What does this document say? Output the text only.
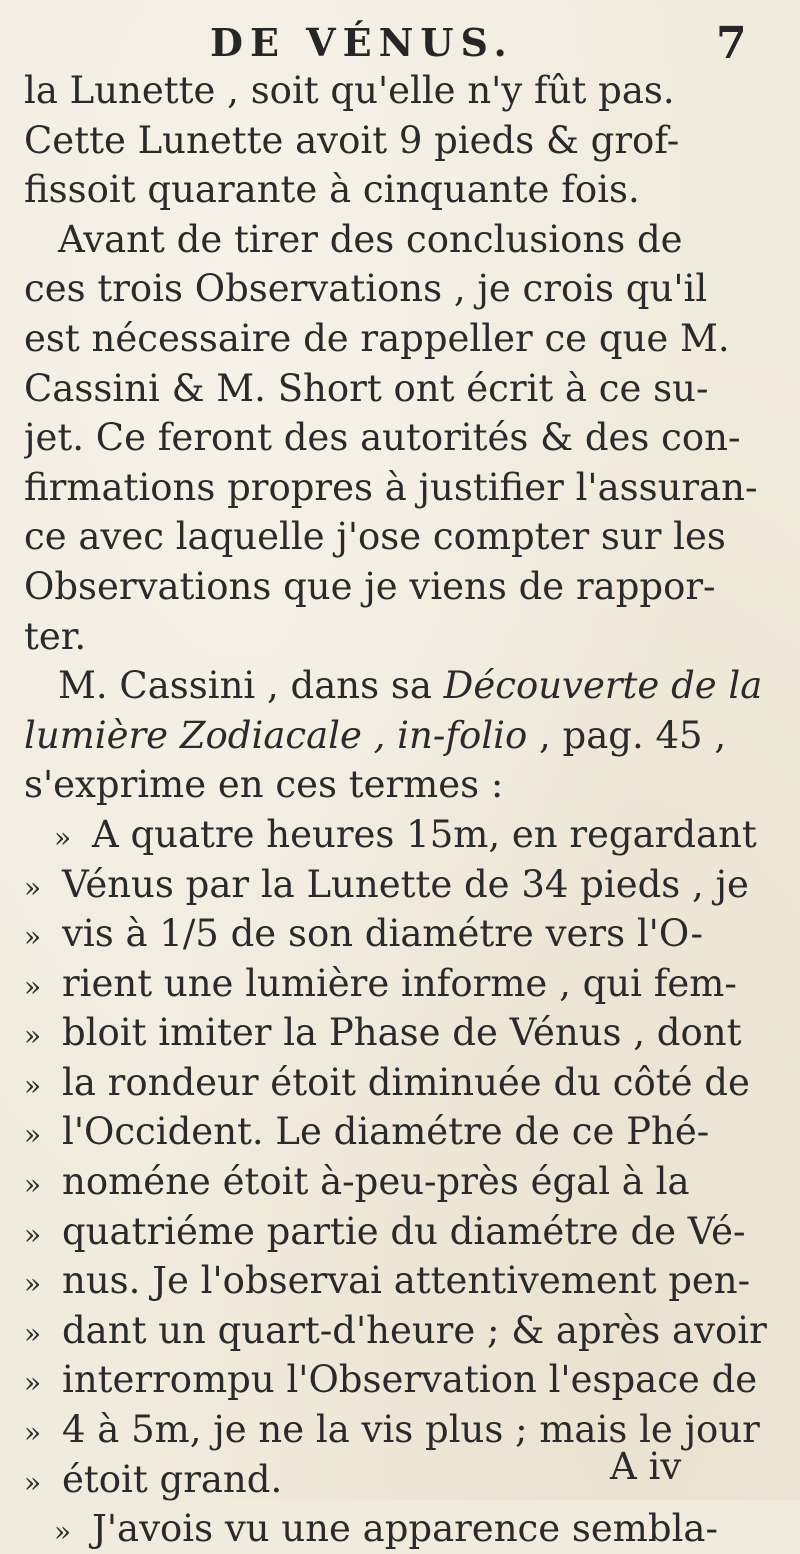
DE VÉNUS.	7
la Lunette , soit qu'elle n'y fût pas.
Cette Lunette avoit 9 pieds & grof-
fissoit quarante à cinquante fois.
Avant de tirer des conclusions de
ces trois Observations , je crois qu'il
est nécessaire de rappeller ce que M.
Cassini & M. Short ont écrit à ce su-
jet. Ce feront des autorités & des con-
firmations propres à justifier l'assuran-
ce avec laquelle j'ose compter sur les
Observations que je viens de rappor-
ter.
M. Cassini , dans sa Découverte de la
lumière Zodiacale , in-folio , pag. 45 ,
s'exprime en ces termes :
» A quatre heures 15m, en regardant
» Vénus par la Lunette de 34 pieds , je
» vis à 1/5 de son diamétre vers l'O-
» rient une lumière informe , qui fem-
» bloit imiter la Phase de Vénus , dont
» la rondeur étoit diminuée du côté de
» l'Occident. Le diamétre de ce Phé-
» noméne étoit à-peu-près égal à la
» quatriéme partie du diamétre de Vé-
» nus. Je l'observai attentivement pen-
» dant un quart-d'heure ; & après avoir
» interrompu l'Observation l'espace de
» 4 à 5m, je ne la vis plus ; mais le jour
» étoit grand.
» J'avois vu une apparence sembla-
A iv
